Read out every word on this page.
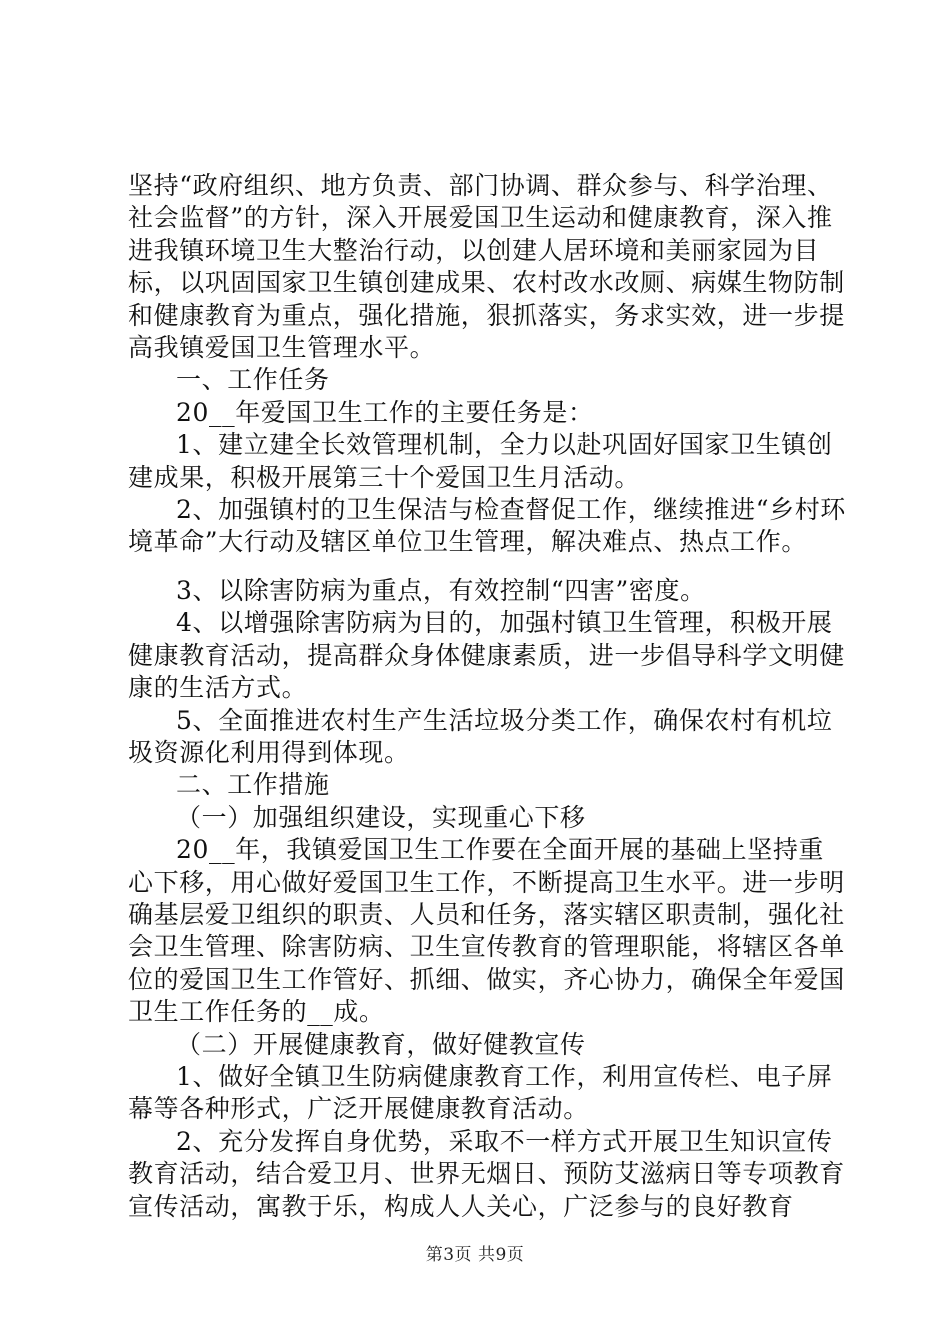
坚持“政府组织、地方负责、部门协调、群众参与、科学治理、社会监督”的方针，深入开展爱国卫生运动和健康教育，深入推进我镇环境卫生大整治行动，以创建人居环境和美丽家园为目标，以巩固国家卫生镇创建成果、农村改水改厕、病媒生物防制和健康教育为重点，强化措施，狠抓落实，务求实效，进一步提高我镇爱国卫生管理水平。

一、工作任务

20__年爱国卫生工作的主要任务是：

1、建立建全长效管理机制，全力以赴巩固好国家卫生镇创建成果，积极开展第三十个爱国卫生月活动。

2、加强镇村的卫生保洁与检查督促工作，继续推进“乡村环境革命”大行动及辖区单位卫生管理，解决难点、热点工作。

3、以除害防病为重点，有效控制“四害”密度。

4、以增强除害防病为目的，加强村镇卫生管理，积极开展健康教育活动，提高群众身体健康素质，进一步倡导科学文明健康的生活方式。

5、全面推进农村生产生活垃圾分类工作，确保农村有机垃圾资源化利用得到体现。

二、工作措施

（一）加强组织建设，实现重心下移

20__年，我镇爱国卫生工作要在全面开展的基础上坚持重心下移，用心做好爱国卫生工作，不断提高卫生水平。进一步明确基层爱卫组织的职责、人员和任务，落实辖区职责制，强化社会卫生管理、除害防病、卫生宣传教育的管理职能，将辖区各单位的爱国卫生工作管好、抓细、做实，齐心协力，确保全年爱国卫生工作任务的__成。

（二）开展健康教育，做好健教宣传

1、做好全镇卫生防病健康教育工作，利用宣传栏、电子屏幕等各种形式，广泛开展健康教育活动。

2、充分发挥自身优势，采取不一样方式开展卫生知识宣传教育活动，结合爱卫月、世界无烟日、预防艾滋病日等专项教育宣传活动，寓教于乐，构成人人关心，广泛参与的良好教育

第3页 共9页
